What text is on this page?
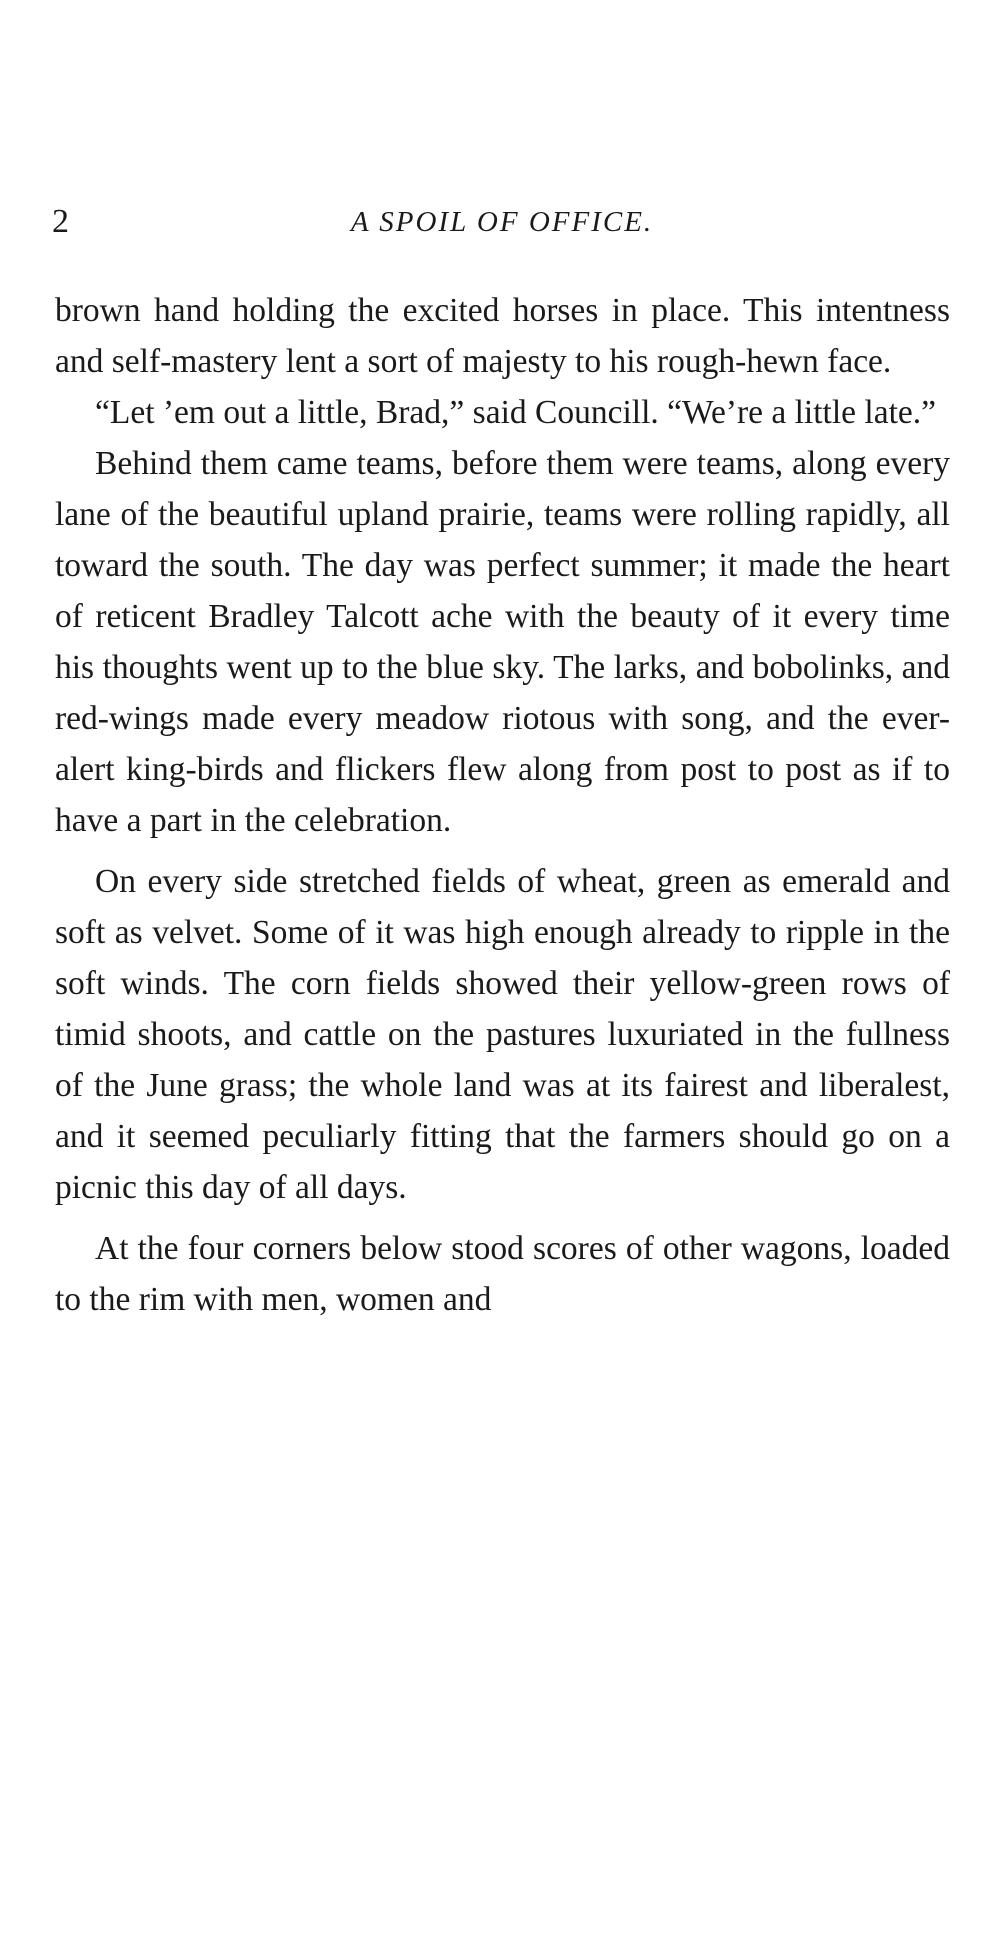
2	A SPOIL OF OFFICE.

brown hand holding the excited horses in place. This intentness and self-mastery lent a sort of majesty to his rough-hewn face.

“Let ’em out a little, Brad,” said Councill. “We’re a little late.”

Behind them came teams, before them were teams, along every lane of the beautiful upland prairie, teams were rolling rapidly, all toward the south. The day was perfect summer; it made the heart of reticent Bradley Talcott ache with the beauty of it every time his thoughts went up to the blue sky. The larks, and bobolinks, and red-wings made every meadow riotous with song, and the ever-alert king-birds and flickers flew along from post to post as if to have a part in the celebration.

On every side stretched fields of wheat, green as emerald and soft as velvet. Some of it was high enough already to ripple in the soft winds. The corn fields showed their yellow-green rows of timid shoots, and cattle on the pastures luxuriated in the fullness of the June grass; the whole land was at its fairest and liberalest, and it seemed peculiarly fitting that the farmers should go on a picnic this day of all days.

At the four corners below stood scores of other wagons, loaded to the rim with men, women and
